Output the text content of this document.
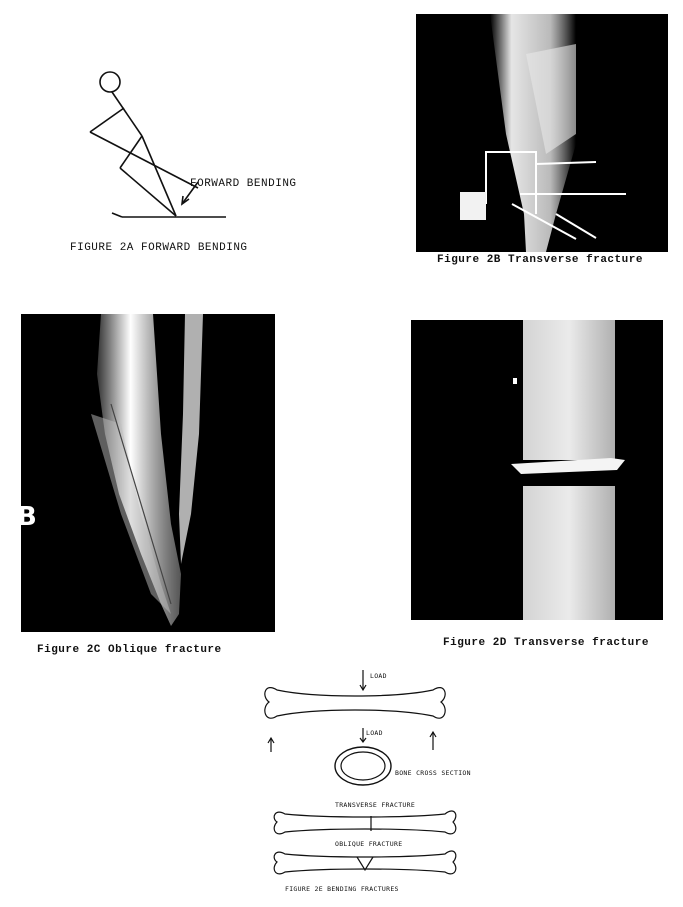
FORWARD BENDING
FIGURE 2A FORWARD BENDING
Figure 2B Transverse fracture
B
Figure 2C Oblique fracture
Figure 2D Transverse fracture
LOAD
LOAD
BONE CROSS SECTION
TRANSVERSE FRACTURE
OBLIQUE FRACTURE
FIGURE 2E BENDING FRACTURES
